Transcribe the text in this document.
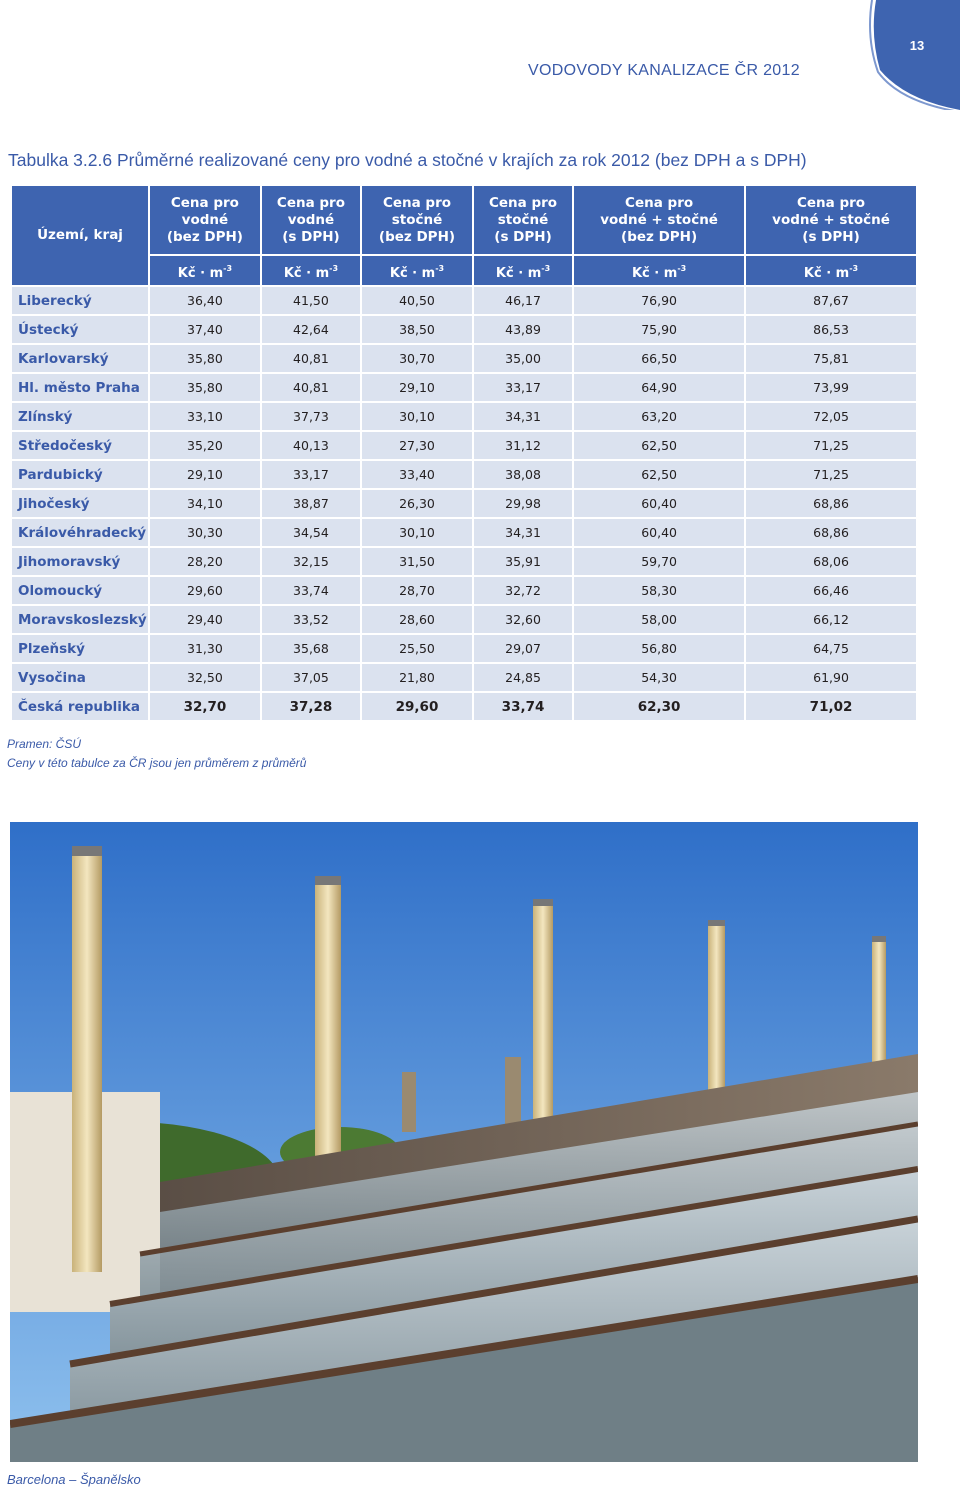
13
VODOVODY KANALIZACE ČR 2012
Tabulka 3.2.6 Průměrné realizované ceny pro vodné a stočné v krajích za rok 2012 (bez DPH a s DPH)
Území, kraj	Cena pro
vodné
(bez DPH)	Cena pro
vodné
(s DPH)	Cena pro
stočné
(bez DPH)	Cena pro
stočné
(s DPH)	Cena pro
vodné + stočné
(bez DPH)	Cena pro
vodné + stočné
(s DPH)
	Kč · $m^{-3}$	Kč · $m^{-3}$	Kč · $m^{-3}$	Kč · $m^{-3}$	Kč · $m^{-3}$	Kč · $m^{-3}$
Liberecký	36,40	41,50	40,50	46,17	76,90	87,67
Ústecký	37,40	42,64	38,50	43,89	75,90	86,53
Karlovarský	35,80	40,81	30,70	35,00	66,50	75,81
Hl. město Praha	35,80	40,81	29,10	33,17	64,90	73,99
Zlínský	33,10	37,73	30,10	34,31	63,20	72,05
Středočeský	35,20	40,13	27,30	31,12	62,50	71,25
Pardubický	29,10	33,17	33,40	38,08	62,50	71,25
Jihočeský	34,10	38,87	26,30	29,98	60,40	68,86
Královéhradecký	30,30	34,54	30,10	34,31	60,40	68,86
Jihomoravský	28,20	32,15	31,50	35,91	59,70	68,06
Olomoucký	29,60	33,74	28,70	32,72	58,30	66,46
Moravskoslezský	29,40	33,52	28,60	32,60	58,00	66,12
Plzeňský	31,30	35,68	25,50	29,07	56,80	64,75
Vysočina	32,50	37,05	21,80	24,85	54,30	61,90
Česká republika	32,70	37,28	29,60	33,74	62,30	71,02
Pramen: ČSÚ
Ceny v této tabulce za ČR jsou jen průměrem z průměrů
Barcelona – Španělsko
